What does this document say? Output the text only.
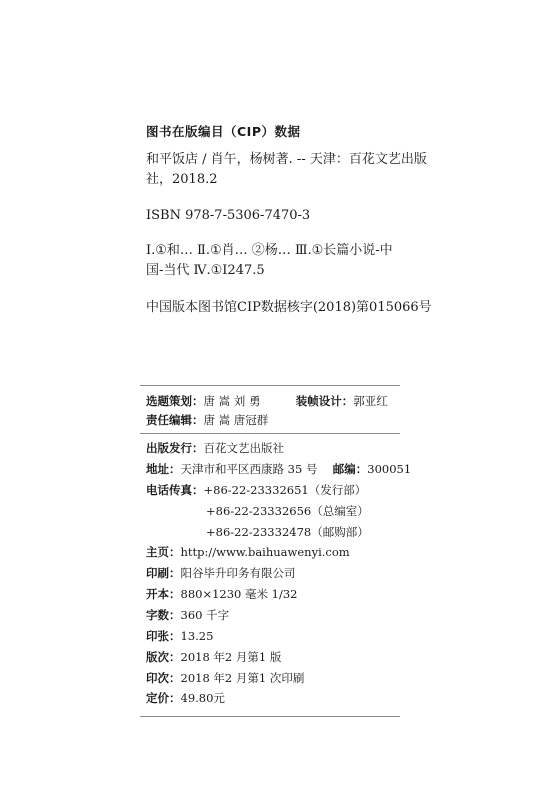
图书在版编目（CIP）数据
和平饭店 / 肖午，杨树著. -- 天津：百花文艺出版
社，2018.2
ISBN 978-7-5306-7470-3
Ⅰ.①和… Ⅱ.①肖… ②杨… Ⅲ.①长篇小说-中
国-当代 Ⅳ.①I247.5
中国版本图书馆CIP数据核字(2018)第015066号
选题策划：唐 嵩 刘 勇	装帧设计：郭亚红
责任编辑：唐 嵩 唐冠群
出版发行：百花文艺出版社
地址：天津市和平区西康路 35 号 邮编：300051
电话传真：+86-22-23332651（发行部）
+86-22-23332656（总编室）
+86-22-23332478（邮购部）
主页：http://www.baihuawenyi.com
印刷：阳谷毕升印务有限公司
开本：880×1230 毫米 1/32
字数：360 千字
印张：13.25
版次：2018 年2 月第1 版
印次：2018 年2 月第1 次印刷
定价：49.80元
